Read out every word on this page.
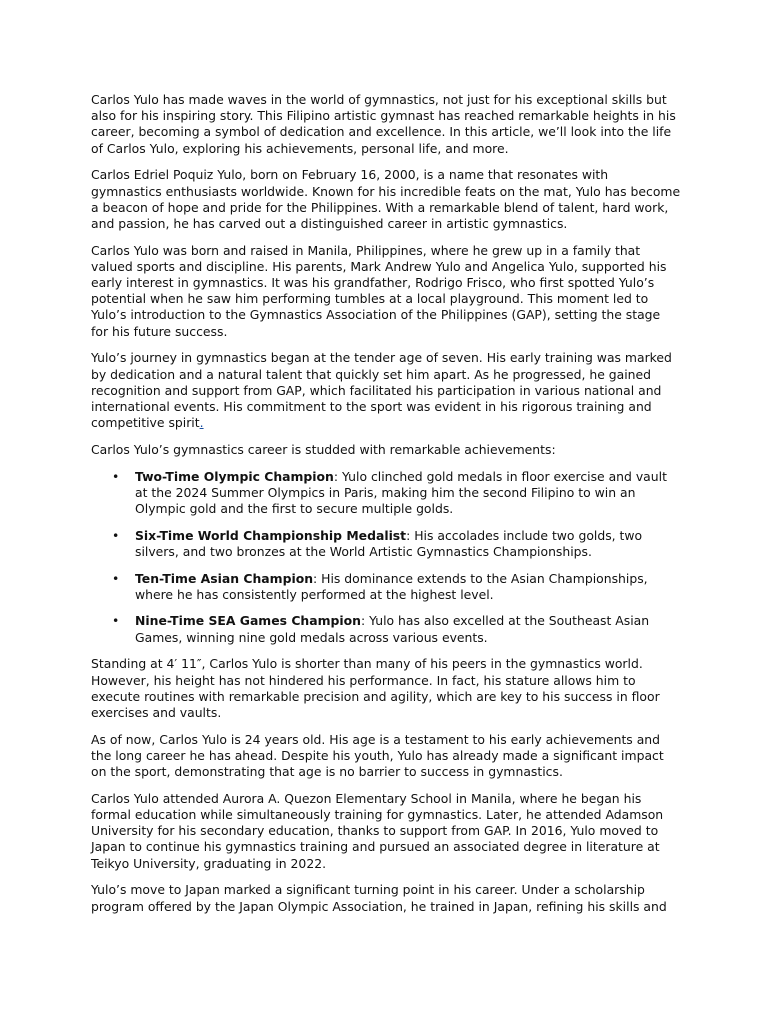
Carlos Yulo has made waves in the world of gymnastics, not just for his exceptional skills but also for his inspiring story. This Filipino artistic gymnast has reached remarkable heights in his career, becoming a symbol of dedication and excellence. In this article, we’ll look into the life of Carlos Yulo, exploring his achievements, personal life, and more.

Carlos Edriel Poquiz Yulo, born on February 16, 2000, is a name that resonates with gymnastics enthusiasts worldwide. Known for his incredible feats on the mat, Yulo has become a beacon of hope and pride for the Philippines. With a remarkable blend of talent, hard work, and passion, he has carved out a distinguished career in artistic gymnastics.

Carlos Yulo was born and raised in Manila, Philippines, where he grew up in a family that valued sports and discipline. His parents, Mark Andrew Yulo and Angelica Yulo, supported his early interest in gymnastics. It was his grandfather, Rodrigo Frisco, who first spotted Yulo’s potential when he saw him performing tumbles at a local playground. This moment led to Yulo’s introduction to the Gymnastics Association of the Philippines (GAP), setting the stage for his future success.

Yulo’s journey in gymnastics began at the tender age of seven. His early training was marked by dedication and a natural talent that quickly set him apart. As he progressed, he gained recognition and support from GAP, which facilitated his participation in various national and international events. His commitment to the sport was evident in his rigorous training and competitive spirit.

Carlos Yulo’s gymnastics career is studded with remarkable achievements:

• Two-Time Olympic Champion: Yulo clinched gold medals in floor exercise and vault at the 2024 Summer Olympics in Paris, making him the second Filipino to win an Olympic gold and the first to secure multiple golds.
• Six-Time World Championship Medalist: His accolades include two golds, two silvers, and two bronzes at the World Artistic Gymnastics Championships.
• Ten-Time Asian Champion: His dominance extends to the Asian Championships, where he has consistently performed at the highest level.
• Nine-Time SEA Games Champion: Yulo has also excelled at the Southeast Asian Games, winning nine gold medals across various events.

Standing at 4′ 11″, Carlos Yulo is shorter than many of his peers in the gymnastics world. However, his height has not hindered his performance. In fact, his stature allows him to execute routines with remarkable precision and agility, which are key to his success in floor exercises and vaults.

As of now, Carlos Yulo is 24 years old. His age is a testament to his early achievements and the long career he has ahead. Despite his youth, Yulo has already made a significant impact on the sport, demonstrating that age is no barrier to success in gymnastics.

Carlos Yulo attended Aurora A. Quezon Elementary School in Manila, where he began his formal education while simultaneously training for gymnastics. Later, he attended Adamson University for his secondary education, thanks to support from GAP. In 2016, Yulo moved to Japan to continue his gymnastics training and pursued an associated degree in literature at Teikyo University, graduating in 2022.

Yulo’s move to Japan marked a significant turning point in his career. Under a scholarship program offered by the Japan Olympic Association, he trained in Japan, refining his skills and
